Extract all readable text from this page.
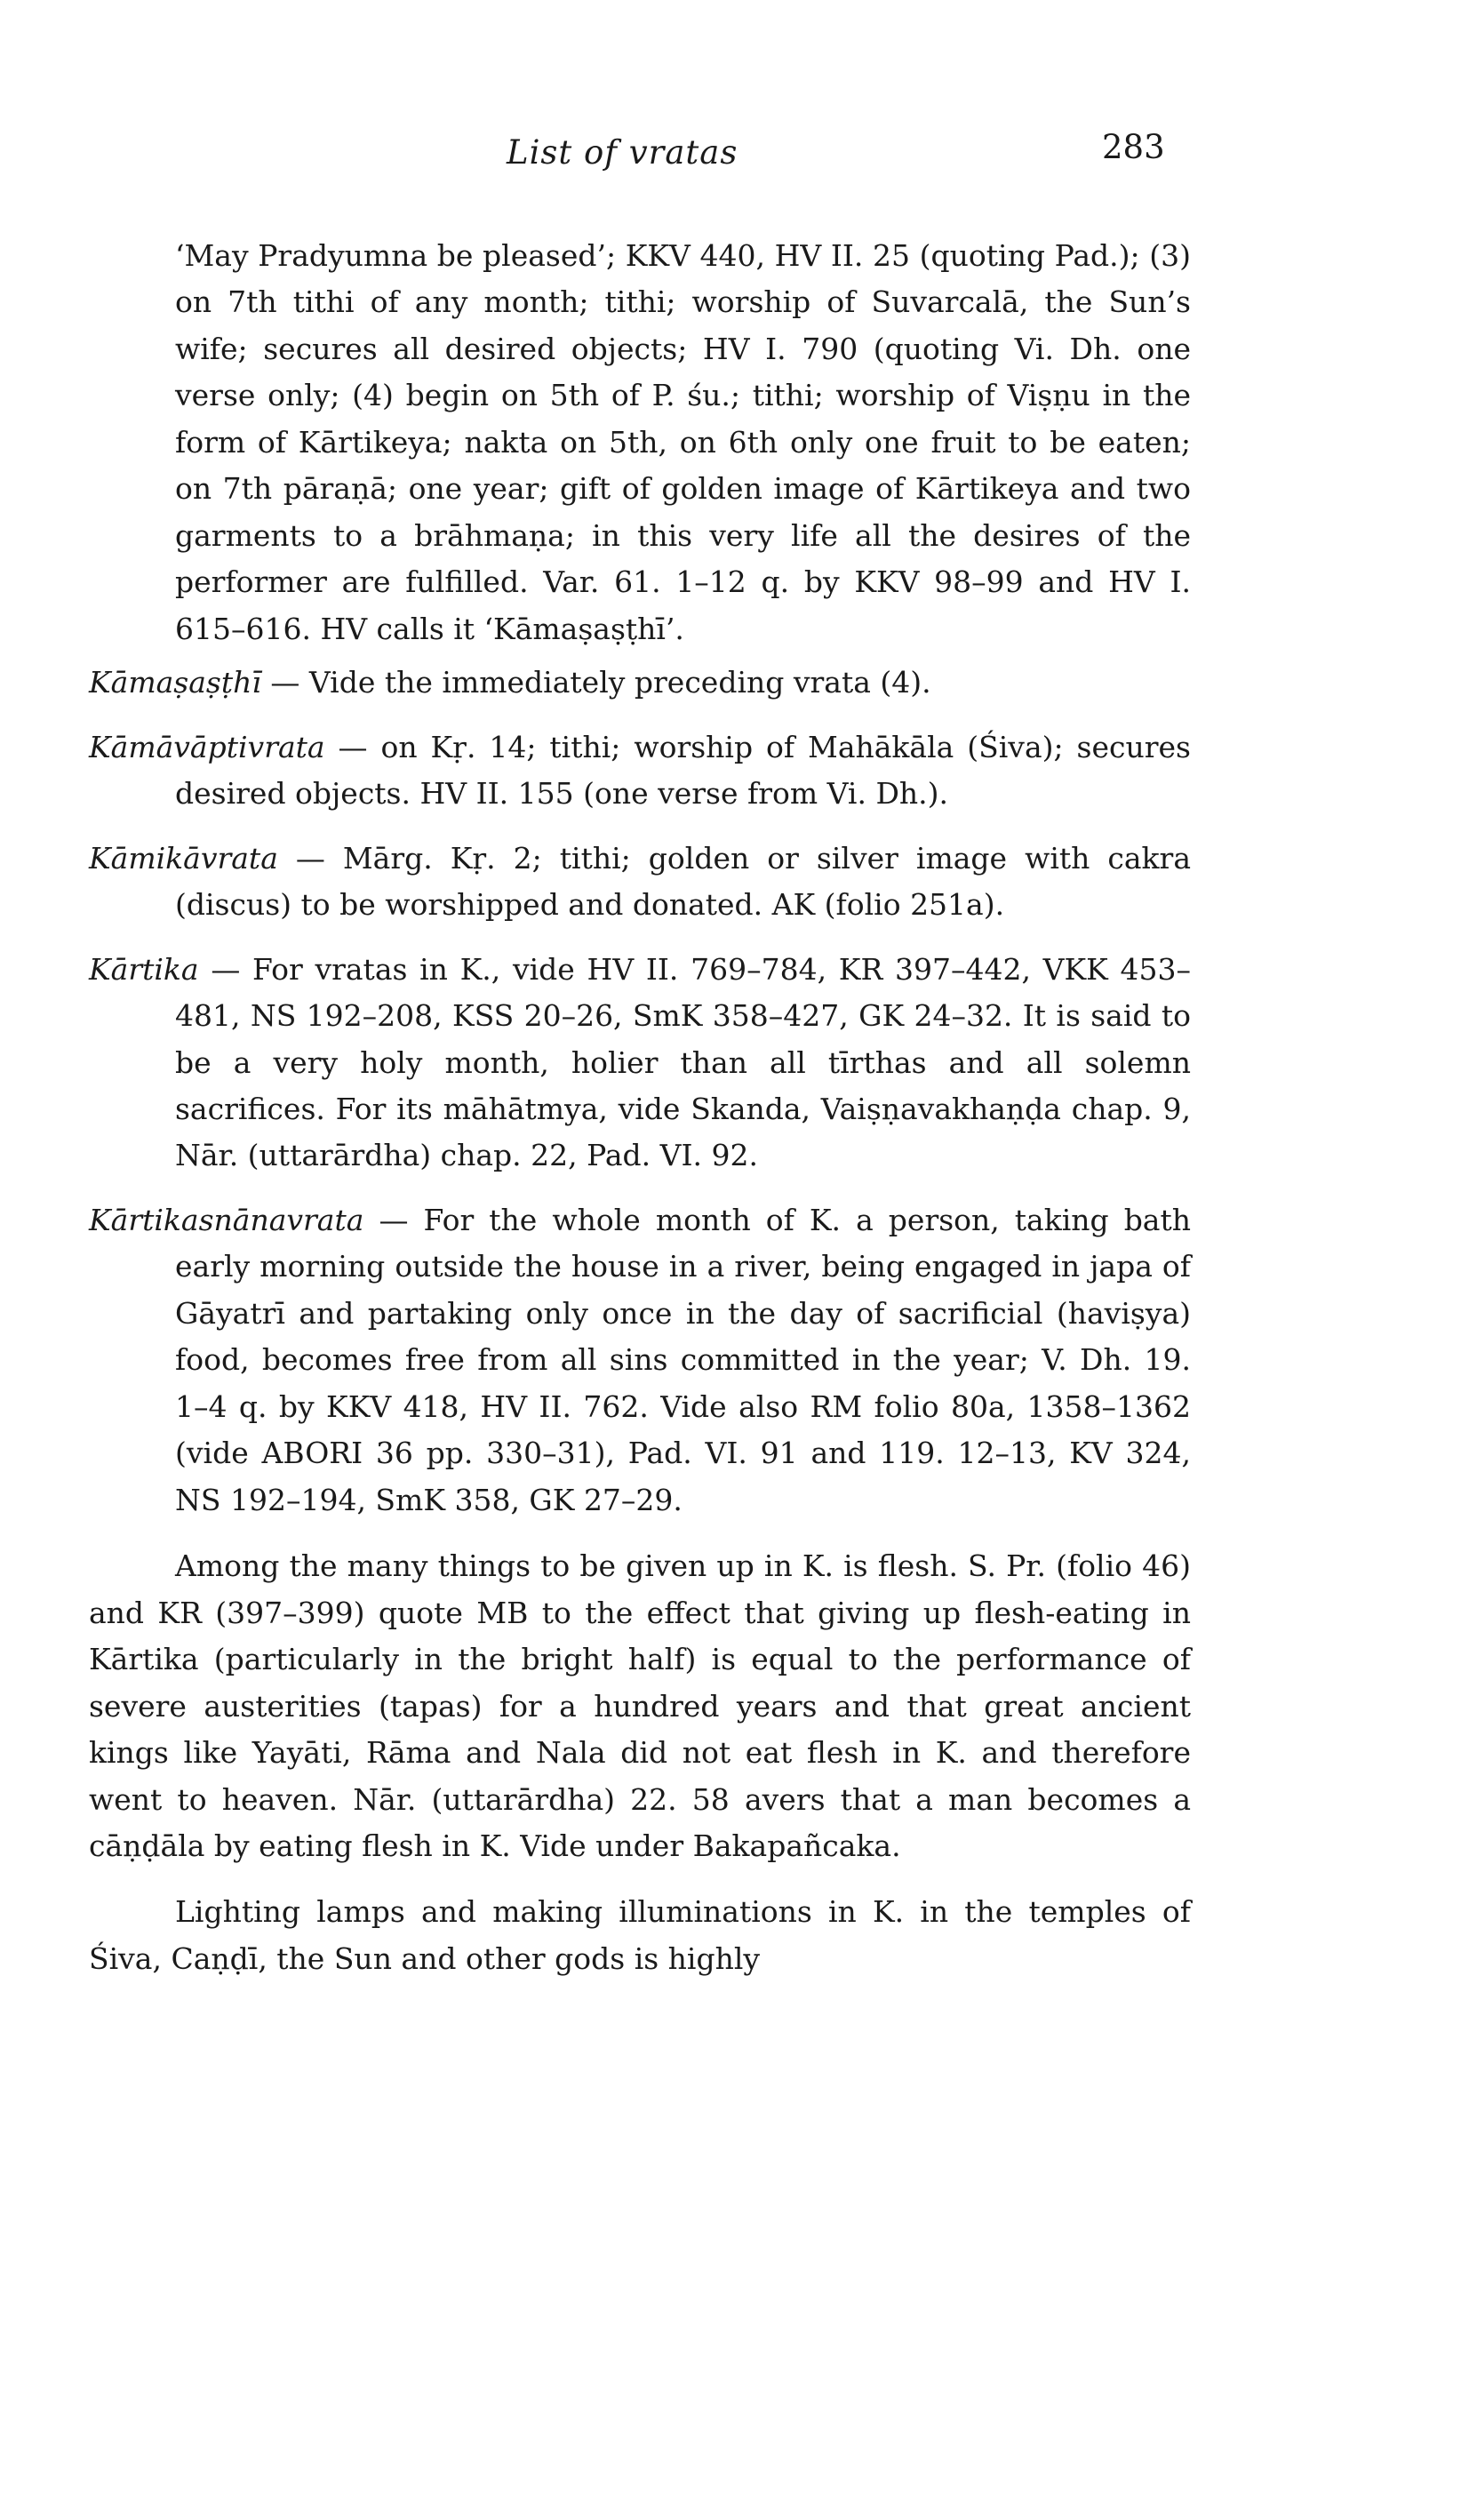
List of vratas	283

‘May Pradyumna be pleased’; KKV 440, HV II. 25 (quoting Pad.); (3) on 7th tithi of any month; tithi; worship of Suvarcalā, the Sun’s wife; secures all desired objects; HV I. 790 (quoting Vi. Dh. one verse only; (4) begin on 5th of P. śu.; tithi; worship of Viṣṇu in the form of Kārtikeya; nakta on 5th, on 6th only one fruit to be eaten; on 7th pāraṇā; one year; gift of golden image of Kārtikeya and two garments to a brāhmaṇa; in this very life all the desires of the performer are fulfilled. Var. 61. 1–12 q. by KKV 98–99 and HV I. 615–616. HV calls it ‘Kāmaṣaṣṭhī’.

Kāmaṣaṣṭhī — Vide the immediately preceding vrata (4).

Kāmāvāptivrata — on Kṛ. 14; tithi; worship of Mahākāla (Śiva); secures desired objects. HV II. 155 (one verse from Vi. Dh.).

Kāmikāvrata — Mārg. Kṛ. 2; tithi; golden or silver image with cakra (discus) to be worshipped and donated. AK (folio 251a).

Kārtika — For vratas in K., vide HV II. 769–784, KR 397–442, VKK 453–481, NS 192–208, KSS 20–26, SmK 358–427, GK 24–32. It is said to be a very holy month, holier than all tīrthas and all solemn sacrifices. For its māhātmya, vide Skanda, Vaiṣṇavakhaṇḍa chap. 9, Nār. (uttarārdha) chap. 22, Pad. VI. 92.

Kārtikasnānavrata — For the whole month of K. a person, taking bath early morning outside the house in a river, being engaged in japa of Gāyatrī and partaking only once in the day of sacrificial (haviṣya) food, becomes free from all sins committed in the year; V. Dh. 19. 1–4 q. by KKV 418, HV II. 762. Vide also RM folio 80a, 1358–1362 (vide ABORI 36 pp. 330–31), Pad. VI. 91 and 119. 12–13, KV 324, NS 192–194, SmK 358, GK 27–29.

Among the many things to be given up in K. is flesh. S. Pr. (folio 46) and KR (397–399) quote MB to the effect that giving up flesh-eating in Kārtika (particularly in the bright half) is equal to the performance of severe austerities (tapas) for a hundred years and that great ancient kings like Yayāti, Rāma and Nala did not eat flesh in K. and therefore went to heaven. Nār. (uttarārdha) 22. 58 avers that a man becomes a cāṇḍāla by eating flesh in K. Vide under Bakapañcaka.

Lighting lamps and making illuminations in K. in the temples of Śiva, Caṇḍī, the Sun and other gods is highly
